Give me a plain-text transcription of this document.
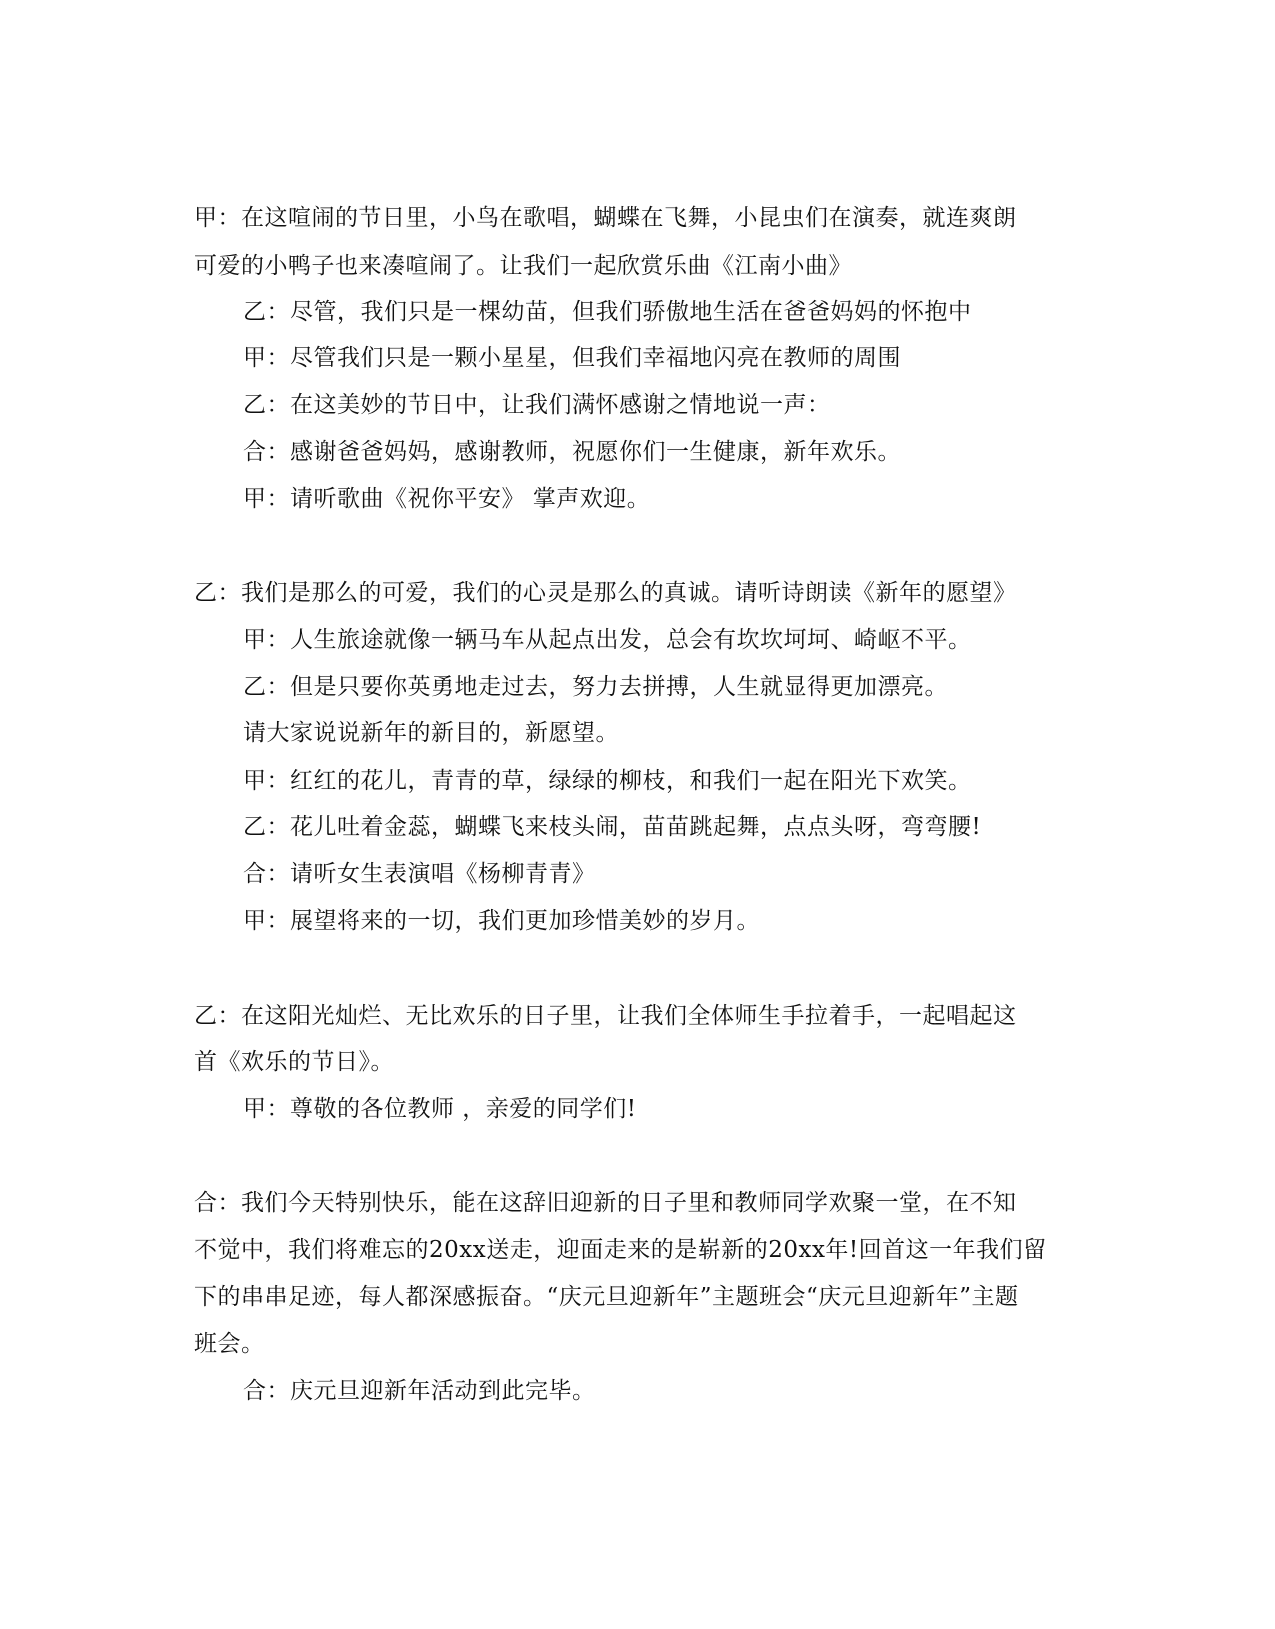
甲：在这喧闹的节日里，小鸟在歌唱，蝴蝶在飞舞，小昆虫们在演奏，就连爽朗
可爱的小鸭子也来凑喧闹了。让我们一起欣赏乐曲《江南小曲》
乙：尽管，我们只是一棵幼苗，但我们骄傲地生活在爸爸妈妈的怀抱中
甲：尽管我们只是一颗小星星，但我们幸福地闪亮在教师的周围
乙：在这美妙的节日中，让我们满怀感谢之情地说一声：
合：感谢爸爸妈妈，感谢教师，祝愿你们一生健康，新年欢乐。
甲：请听歌曲《祝你平安》 掌声欢迎。
乙：我们是那么的可爱，我们的心灵是那么的真诚。请听诗朗读《新年的愿望》
甲：人生旅途就像一辆马车从起点出发，总会有坎坎坷坷、崎岖不平。
乙：但是只要你英勇地走过去，努力去拼搏，人生就显得更加漂亮。
请大家说说新年的新目的，新愿望。
甲：红红的花儿，青青的草，绿绿的柳枝，和我们一起在阳光下欢笑。
乙：花儿吐着金蕊，蝴蝶飞来枝头闹，苗苗跳起舞，点点头呀，弯弯腰!
合：请听女生表演唱《杨柳青青》
甲：展望将来的一切，我们更加珍惜美妙的岁月。
乙：在这阳光灿烂、无比欢乐的日子里，让我们全体师生手拉着手，一起唱起这
首《欢乐的节日》。
甲：尊敬的各位教师 ，亲爱的同学们!
合：我们今天特别快乐，能在这辞旧迎新的日子里和教师同学欢聚一堂，在不知
不觉中，我们将难忘的20xx送走，迎面走来的是崭新的20xx年!回首这一年我们留
下的串串足迹，每人都深感振奋。“庆元旦迎新年”主题班会“庆元旦迎新年”主题
班会。
合：庆元旦迎新年活动到此完毕。
